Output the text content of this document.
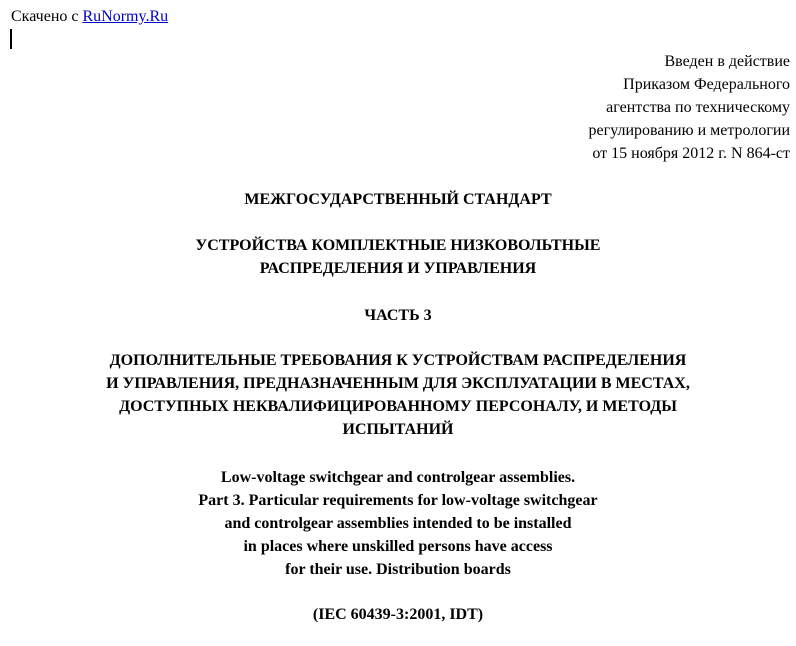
Скачено с RuNormy.Ru
Введен в действие
Приказом Федерального
агентства по техническому
регулированию и метрологии
от 15 ноября 2012 г. N 864-ст
МЕЖГОСУДАРСТВЕННЫЙ СТАНДАРТ
УСТРОЙСТВА КОМПЛЕКТНЫЕ НИЗКОВОЛЬТНЫЕ
РАСПРЕДЕЛЕНИЯ И УПРАВЛЕНИЯ
ЧАСТЬ 3
ДОПОЛНИТЕЛЬНЫЕ ТРЕБОВАНИЯ К УСТРОЙСТВАМ РАСПРЕДЕЛЕНИЯ
И УПРАВЛЕНИЯ, ПРЕДНАЗНАЧЕННЫМ ДЛЯ ЭКСПЛУАТАЦИИ В МЕСТАХ,
ДОСТУПНЫХ НЕКВАЛИФИЦИРОВАННОМУ ПЕРСОНАЛУ, И МЕТОДЫ
ИСПЫТАНИЙ
Low-voltage switchgear and controlgear assemblies.
Part 3. Particular requirements for low-voltage switchgear
and controlgear assemblies intended to be installed
in places where unskilled persons have access
for their use. Distribution boards
(IEC 60439-3:2001, IDT)
